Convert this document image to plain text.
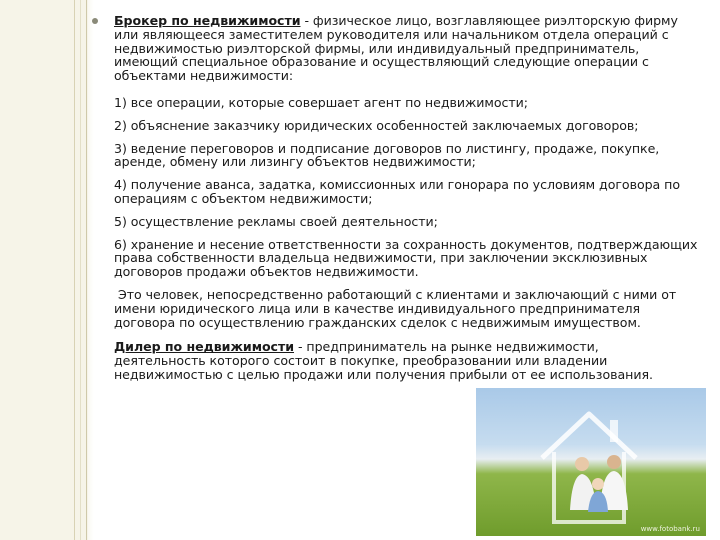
www.fotobank.ru

Брокер по недвижимости - физическое лицо, возглавляющее риэлторскую фирму или являющееся заместителем руководителя или начальником отдела операций с недвижимостью риэлторской фирмы, или индивидуальный предприниматель, имеющий специальное образование и осуществляющий следующие операции с объектами недвижимости:

1) все операции, которые совершает агент по недвижимости;

2) объяснение заказчику юридических особенностей заключаемых договоров;

3) ведение переговоров и подписание договоров по листингу, продаже, покупке, аренде, обмену или лизингу объектов недвижимости;

4) получение аванса, задатка, комиссионных или гонорара по условиям договора по операциям с объектом недвижимости;

5) осуществление рекламы своей деятельности;

6) хранение и несение ответственности за сохранность документов, подтверждающих права собственности владельца недвижимости, при заключении эксклюзивных договоров продажи объектов недвижимости.

Это человек, непосредственно работающий с клиентами и заключающий с ними от имени юридического лица или в качестве индивидуального предпринимателя договора по осуществлению гражданских сделок с недвижимым имуществом.

Дилер по недвижимости - предприниматель на рынке недвижимости, деятельность которого состоит в покупке, преобразовании или владении недвижимостью с целью продажи или получения прибыли от ее использования.
